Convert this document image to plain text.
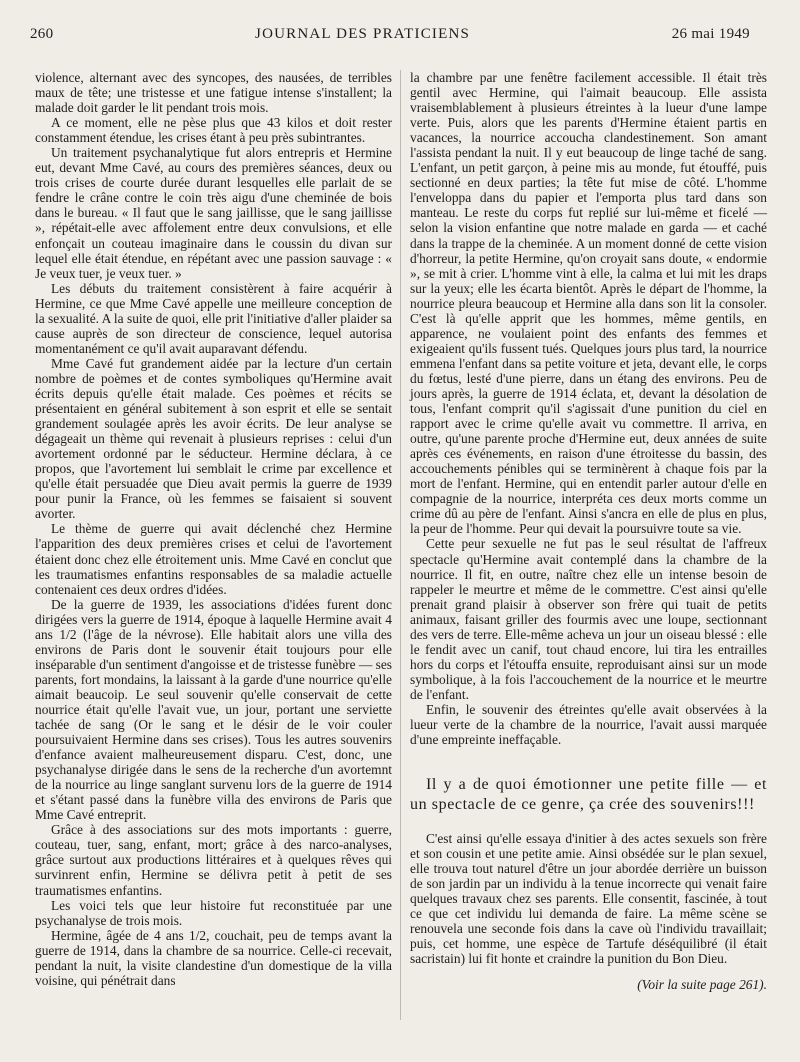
260	JOURNAL DES PRATICIENS	26 mai 1949

violence, alternant avec des syncopes, des nausées, de terribles maux de tête; une tristesse et une fatigue intense s'installent; la malade doit garder le lit pendant trois mois.

A ce moment, elle ne pèse plus que 43 kilos et doit rester constamment étendue, les crises étant à peu près subintrantes.

Un traitement psychanalytique fut alors entrepris et Hermine eut, devant Mme Cavé, au cours des premières séances, deux ou trois crises de courte durée durant lesquelles elle parlait de se fendre le crâne contre le coin très aigu d'une cheminée de bois dans le bureau. « Il faut que le sang jaillisse, que le sang jaillisse », répétait-elle avec affolement entre deux convulsions, et elle enfonçait un couteau imaginaire dans le coussin du divan sur lequel elle était étendue, en répétant avec une passion sauvage : « Je veux tuer, je veux tuer. »

Les débuts du traitement consistèrent à faire acquérir à Hermine, ce que Mme Cavé appelle une meilleure conception de la sexualité. A la suite de quoi, elle prit l'initiative d'aller plaider sa cause auprès de son directeur de conscience, lequel autorisa momentanément ce qu'il avait auparavant défendu.

Mme Cavé fut grandement aidée par la lecture d'un certain nombre de poèmes et de contes symboliques qu'Hermine avait écrits depuis qu'elle était malade. Ces poèmes et récits se présentaient en général subitement à son esprit et elle se sentait grandement soulagée après les avoir écrits. De leur analyse se dégageait un thème qui revenait à plusieurs reprises : celui d'un avortement ordonné par le séducteur. Hermine déclara, à ce propos, que l'avortement lui semblait le crime par excellence et qu'elle était persuadée que Dieu avait permis la guerre de 1939 pour punir la France, où les femmes se faisaient si souvent avorter.

Le thème de guerre qui avait déclenché chez Hermine l'apparition des deux premières crises et celui de l'avortement étaient donc chez elle étroitement unis. Mme Cavé en conclut que les traumatismes enfantins responsables de sa maladie actuelle contenaient ces deux ordres d'idées.

De la guerre de 1939, les associations d'idées furent donc dirigées vers la guerre de 1914, époque à laquelle Hermine avait 4 ans 1/2 (l'âge de la névrose). Elle habitait alors une villa des environs de Paris dont le souvenir était toujours pour elle inséparable d'un sentiment d'angoisse et de tristesse funèbre — ses parents, fort mondains, la laissant à la garde d'une nourrice qu'elle aimait beaucoip. Le seul souvenir qu'elle conservait de cette nourrice était qu'elle l'avait vue, un jour, portant une serviette tachée de sang (Or le sang et le désir de le voir couler poursuivaient Hermine dans ses crises). Tous les autres souvenirs d'enfance avaient malheureusement disparu. C'est, donc, une psychanalyse dirigée dans le sens de la recherche d'un avortemnt de la nourrice au linge sanglant survenu lors de la guerre de 1914 et s'étant passé dans la funèbre villa des environs de Paris que Mme Cavé entreprit.

Grâce à des associations sur des mots importants : guerre, couteau, tuer, sang, enfant, mort; grâce à des narco-analyses, grâce surtout aux productions littéraires et à quelques rêves qui survinrent enfin, Hermine se délivra petit à petit de ses traumatismes enfantins.

Les voici tels que leur histoire fut reconstituée par une psychanalyse de trois mois.

Hermine, âgée de 4 ans 1/2, couchait, peu de temps avant la guerre de 1914, dans la chambre de sa nourrice. Celle-ci recevait, pendant la nuit, la visite clandestine d'un domestique de la villa voisine, qui pénétrait dans

la chambre par une fenêtre facilement accessible. Il était très gentil avec Hermine, qui l'aimait beaucoup. Elle assista vraisemblablement à plusieurs étreintes à la lueur d'une lampe verte. Puis, alors que les parents d'Hermine étaient partis en vacances, la nourrice accoucha clandestinement. Son amant l'assista pendant la nuit. Il y eut beaucoup de linge taché de sang. L'enfant, un petit garçon, à peine mis au monde, fut étouffé, puis sectionné en deux parties; la tête fut mise de côté. L'homme l'enveloppa dans du papier et l'emporta plus tard dans son manteau. Le reste du corps fut replié sur lui-même et ficelé — selon la vision enfantine que notre malade en garda — et caché dans la trappe de la cheminée. A un moment donné de cette vision d'horreur, la petite Hermine, qu'on croyait sans doute, « endormie », se mit à crier. L'homme vint à elle, la calma et lui mit les draps sur la yeux; elle les écarta bientôt. Après le départ de l'homme, la nourrice pleura beaucoup et Hermine alla dans son lit la consoler. C'est là qu'elle apprit que les hommes, même gentils, en apparence, ne voulaient point des enfants des femmes et exigeaient qu'ils fussent tués. Quelques jours plus tard, la nourrice emmena l'enfant dans sa petite voiture et jeta, devant elle, le corps du fœtus, lesté d'une pierre, dans un étang des environs. Peu de jours après, la guerre de 1914 éclata, et, devant la désolation de tous, l'enfant comprit qu'il s'agissait d'une punition du ciel en rapport avec le crime qu'elle avait vu commettre. Il arriva, en outre, qu'une parente proche d'Hermine eut, deux années de suite après ces événements, en raison d'une étroitesse du bassin, des accouchements pénibles qui se terminèrent à chaque fois par la mort de l'enfant. Hermine, qui en entendit parler autour d'elle en compagnie de la nourrice, interpréta ces deux morts comme un crime dû au père de l'enfant. Ainsi s'ancra en elle de plus en plus, la peur de l'homme. Peur qui devait la poursuivre toute sa vie.

Cette peur sexuelle ne fut pas le seul résultat de l'affreux spectacle qu'Hermine avait contemplé dans la chambre de la nourrice. Il fit, en outre, naître chez elle un intense besoin de rappeler le meurtre et même de le commettre. C'est ainsi qu'elle prenait grand plaisir à observer son frère qui tuait de petits animaux, faisant griller des fourmis avec une loupe, sectionnant des vers de terre. Elle-même acheva un jour un oiseau blessé : elle le fendit avec un canif, tout chaud encore, lui tira les entrailles hors du corps et l'étouffa ensuite, reproduisant ainsi sur un mode symbolique, à la fois l'accouchement de la nourrice et le meurtre de l'enfant.

Enfin, le souvenir des étreintes qu'elle avait observées à la lueur verte de la chambre de la nourrice, l'avait aussi marquée d'une empreinte ineffaçable.

Il y a de quoi émotionner une petite fille — et un spectacle de ce genre, ça crée des souvenirs!!!

C'est ainsi qu'elle essaya d'initier à des actes sexuels son frère et son cousin et une petite amie. Ainsi obsédée sur le plan sexuel, elle trouva tout naturel d'être un jour abordée derrière un buisson de son jardin par un individu à la tenue incorrecte qui venait faire quelques travaux chez ses parents. Elle consentit, fascinée, à tout ce que cet individu lui demanda de faire. La même scène se renouvela une seconde fois dans la cave où l'individu travaillait; puis, cet homme, une espèce de Tartufe déséquilibré (il était sacristain) lui fit honte et craindre la punition du Bon Dieu.

(Voir la suite page 261).
